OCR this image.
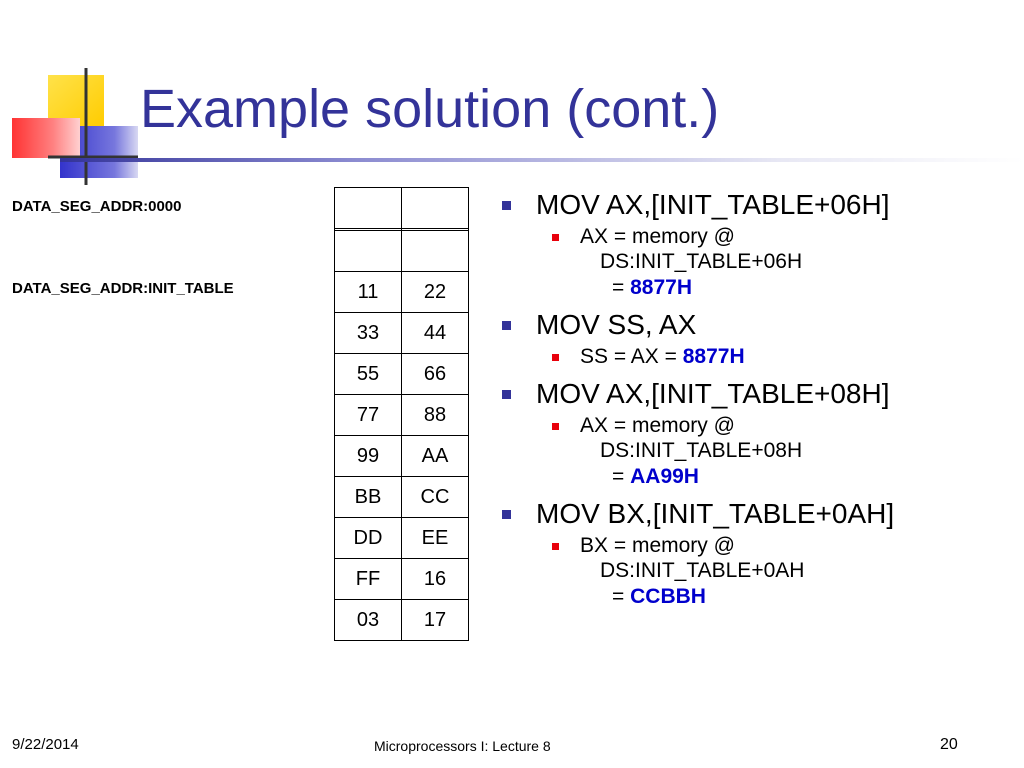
Example solution (cont.)
DATA_SEG_ADDR:0000
DATA_SEG_ADDR:INIT_TABLE

		11	22
33	44
55	66
77	88
99	AA
BB	CC
DD	EE
FF	16
03	17
MOV AX,[INIT_TABLE+06H]
AX = memory @
DS:INIT_TABLE+06H
= 8877H
MOV SS, AX
SS = AX = 8877H
MOV AX,[INIT_TABLE+08H]
AX = memory @
DS:INIT_TABLE+08H
= AA99H
MOV BX,[INIT_TABLE+0AH]
BX = memory @
DS:INIT_TABLE+0AH
= CCBBH
9/22/2014	Microprocessors I: Lecture 8	20
